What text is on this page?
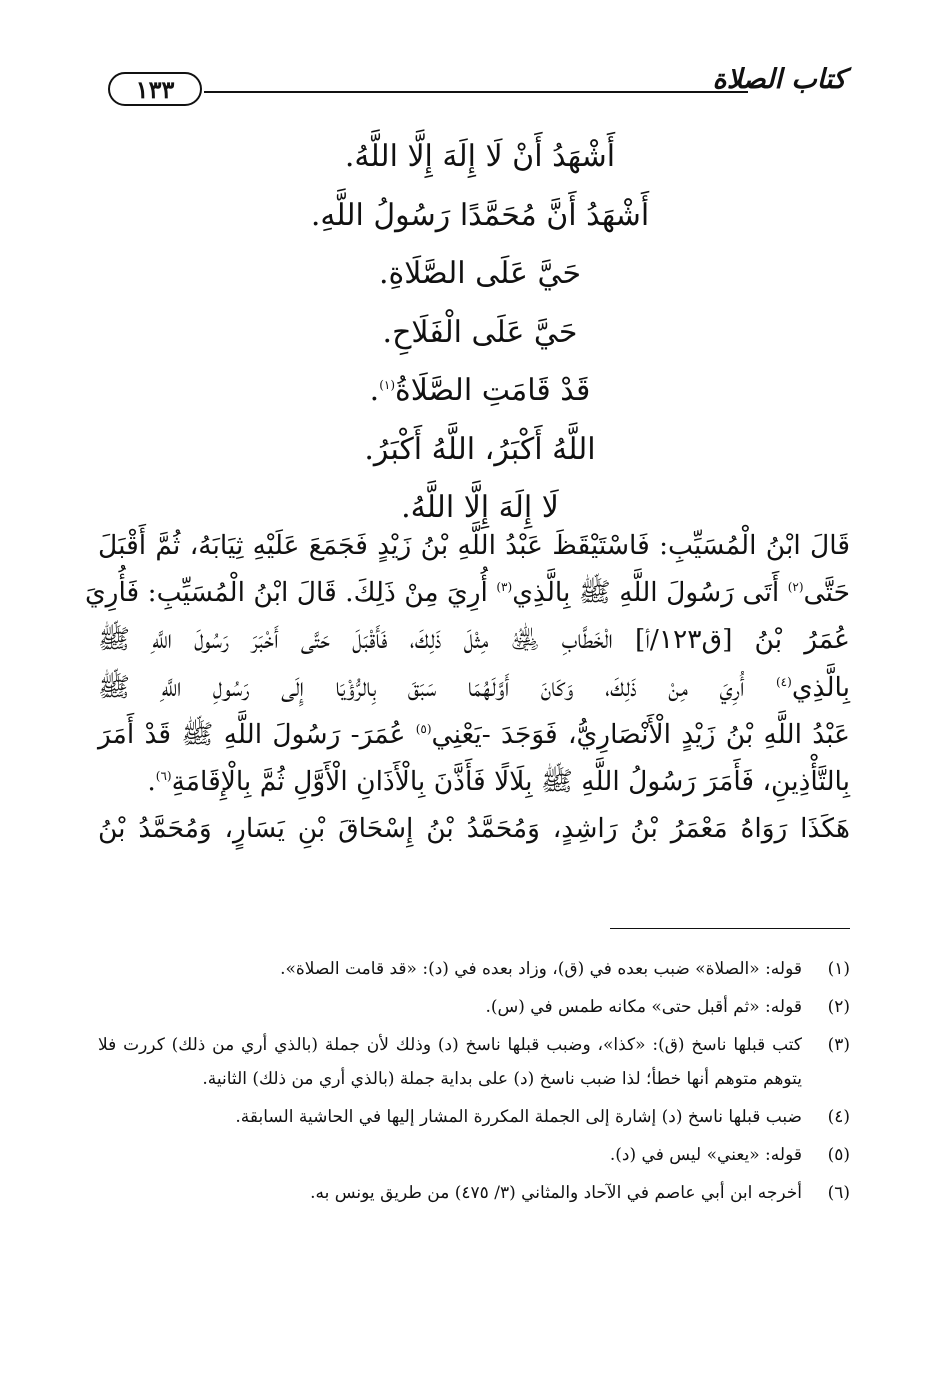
كتاب الصلاة
١٣٣
أَشْهَدُ أَنْ لَا إِلَهَ إِلَّا اللَّهُ.
أَشْهَدُ أَنَّ مُحَمَّدًا رَسُولُ اللَّهِ.
حَيَّ عَلَى الصَّلَاةِ.
حَيَّ عَلَى الْفَلَاحِ.
قَدْ قَامَتِ الصَّلَاةُ$^{(١)}$.
اللَّهُ أَكْبَرُ، اللَّهُ أَكْبَرُ.
لَا إِلَهَ إِلَّا اللَّهُ.
قَالَ ابْنُ الْمُسَيِّبِ: فَاسْتَيْقَظَ عَبْدُ اللَّهِ بْنُ زَيْدٍ فَجَمَعَ عَلَيْهِ ثِيَابَهُ، ثُمَّ أَقْبَلَ
حَتَّى$^{(٢)}$ أَتَى رَسُولَ اللَّهِ ﷺ بِالَّذِي$^{(٣)}$ أُرِيَ مِنْ ذَلِكَ. قَالَ ابْنُ الْمُسَيِّبِ: فَأُرِيَ
عُمَرُ بْنُ [ق١٢٣/أ] الْخَطَّابِ ﵁ مِثْلَ ذَلِكَ، فَأَقْبَلَ حَتَّى أَخْبَرَ رَسُولَ اللَّهِ ﷺ
بِالَّذِي$^{(٤)}$ أُرِيَ مِنْ ذَلِكَ، وَكَانَ أَوَّلَهُمَا سَبَقَ بِالرُّؤْيَا إِلَى رَسُولِ اللَّهِ ﷺ
عَبْدُ اللَّهِ بْنُ زَيْدٍ الْأَنْصَارِيُّ، فَوَجَدَ -يَعْنِي$^{(٥)}$ عُمَرَ- رَسُولَ اللَّهِ ﷺ قَدْ أَمَرَ
بِالتَّأْذِينِ، فَأَمَرَ رَسُولُ اللَّهِ ﷺ بِلَالًا فَأَذَّنَ بِالْأَذَانِ الْأَوَّلِ ثُمَّ بِالْإِقَامَةِ$^{(٦)}$.
هَكَذَا رَوَاهُ مَعْمَرُ بْنُ رَاشِدٍ، وَمُحَمَّدُ بْنُ إِسْحَاقَ بْنِ يَسَارٍ، وَمُحَمَّدُ بْنُ
(١)
قوله: «الصلاة» ضبب بعده في (ق)، وزاد بعده في (د): «قد قامت الصلاة».
(٢)
قوله: «ثم أقبل حتى» مكانه طمس في (س).
(٣)
كتب قبلها ناسخ (ق): «كذا»، وضبب قبلها ناسخ (د) وذلك لأن جملة (بالذي أري من ذلك) كررت فلا يتوهم متوهم أنها خطأ؛ لذا ضبب ناسخ (د) على بداية جملة (بالذي أري من ذلك) الثانية.
(٤)
ضبب قبلها ناسخ (د) إشارة إلى الجملة المكررة المشار إليها في الحاشية السابقة.
(٥)
قوله: «يعني» ليس في (د).
(٦)
أخرجه ابن أبي عاصم في الآحاد والمثاني (٣/ ٤٧٥) من طريق يونس به.
